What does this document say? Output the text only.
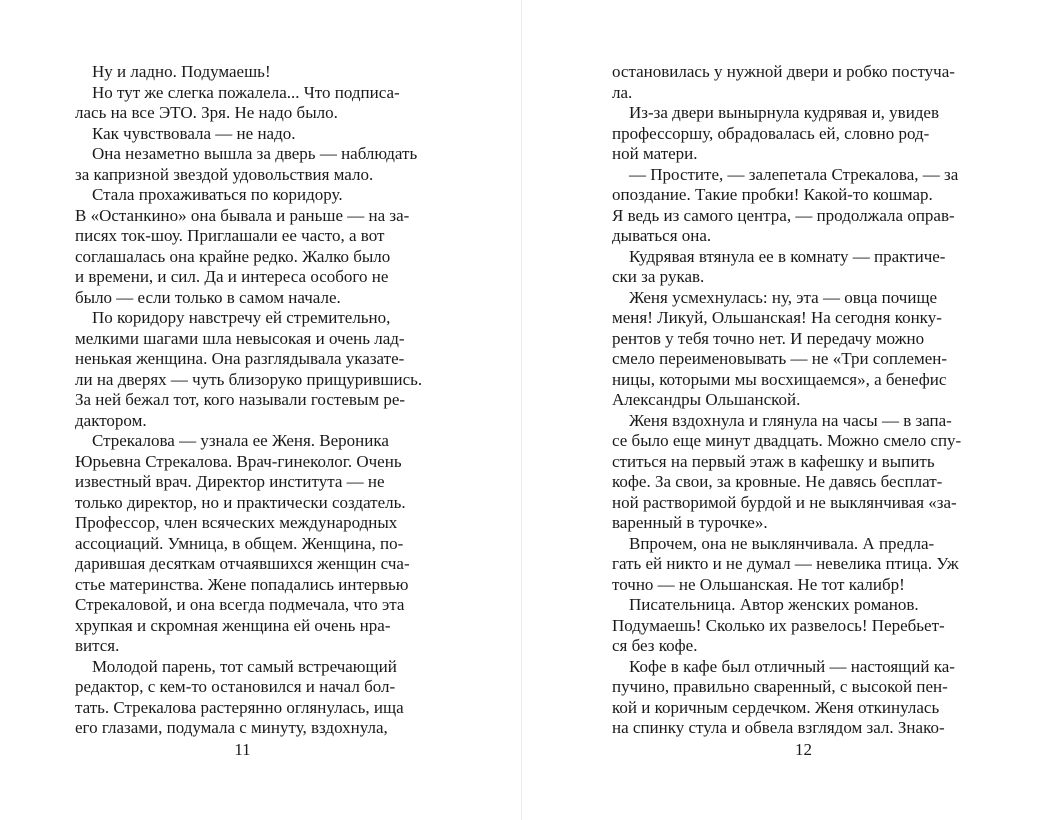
Ну и ладно. Подумаешь!
Но тут же слегка пожалела... Что подписа-
лась на все ЭТО. Зря. Не надо было.
Как чувствовала — не надо.
Она незаметно вышла за дверь — наблюдать
за капризной звездой удовольствия мало.
Стала прохаживаться по коридору.
В «Останкино» она бывала и раньше — на за-
писях ток-шоу. Приглашали ее часто, а вот
соглашалась она крайне редко. Жалко было
и времени, и сил. Да и интереса особого не
было — если только в самом начале.
По коридору навстречу ей стремительно,
мелкими шагами шла невысокая и очень лад-
ненькая женщина. Она разглядывала указате-
ли на дверях — чуть близоруко прищурившись.
За ней бежал тот, кого называли гостевым ре-
дактором.
Стрекалова — узнала ее Женя. Вероника
Юрьевна Стрекалова. Врач-гинеколог. Очень
известный врач. Директор института — не
только директор, но и практически создатель.
Профессор, член всяческих международных
ассоциаций. Умница, в общем. Женщина, по-
дарившая десяткам отчаявшихся женщин сча-
стье материнства. Жене попадались интервью
Стрекаловой, и она всегда подмечала, что эта
хрупкая и скромная женщина ей очень нра-
вится.
Молодой парень, тот самый встречающий
редактор, с кем-то остановился и начал бол-
тать. Стрекалова растерянно оглянулась, ища
его глазами, подумала с минуту, вздохнула,
11
остановилась у нужной двери и робко постуча-
ла.
Из-за двери вынырнула кудрявая и, увидев
профессоршу, обрадовалась ей, словно род-
ной матери.
— Простите, — залепетала Стрекалова, — за
опоздание. Такие пробки! Какой-то кошмар.
Я ведь из самого центра, — продолжала оправ-
дываться она.
Кудрявая втянула ее в комнату — практиче-
ски за рукав.
Женя усмехнулась: ну, эта — овца почище
меня! Ликуй, Ольшанская! На сегодня конку-
рентов у тебя точно нет. И передачу можно
смело переименовывать — не «Три соплемен-
ницы, которыми мы восхищаемся», а бенефис
Александры Ольшанской.
Женя вздохнула и глянула на часы — в запа-
се было еще минут двадцать. Можно смело спу-
ститься на первый этаж в кафешку и выпить
кофе. За свои, за кровные. Не давясь бесплат-
ной растворимой бурдой и не выклянчивая «за-
варенный в турочке».
Впрочем, она не выклянчивала. А предла-
гать ей никто и не думал — невелика птица. Уж
точно — не Ольшанская. Не тот калибр!
Писательница. Автор женских романов.
Подумаешь! Сколько их развелось! Перебьет-
ся без кофе.
Кофе в кафе был отличный — настоящий ка-
пучино, правильно сваренный, с высокой пен-
кой и коричным сердечком. Женя откинулась
на спинку стула и обвела взглядом зал. Знако-
12
